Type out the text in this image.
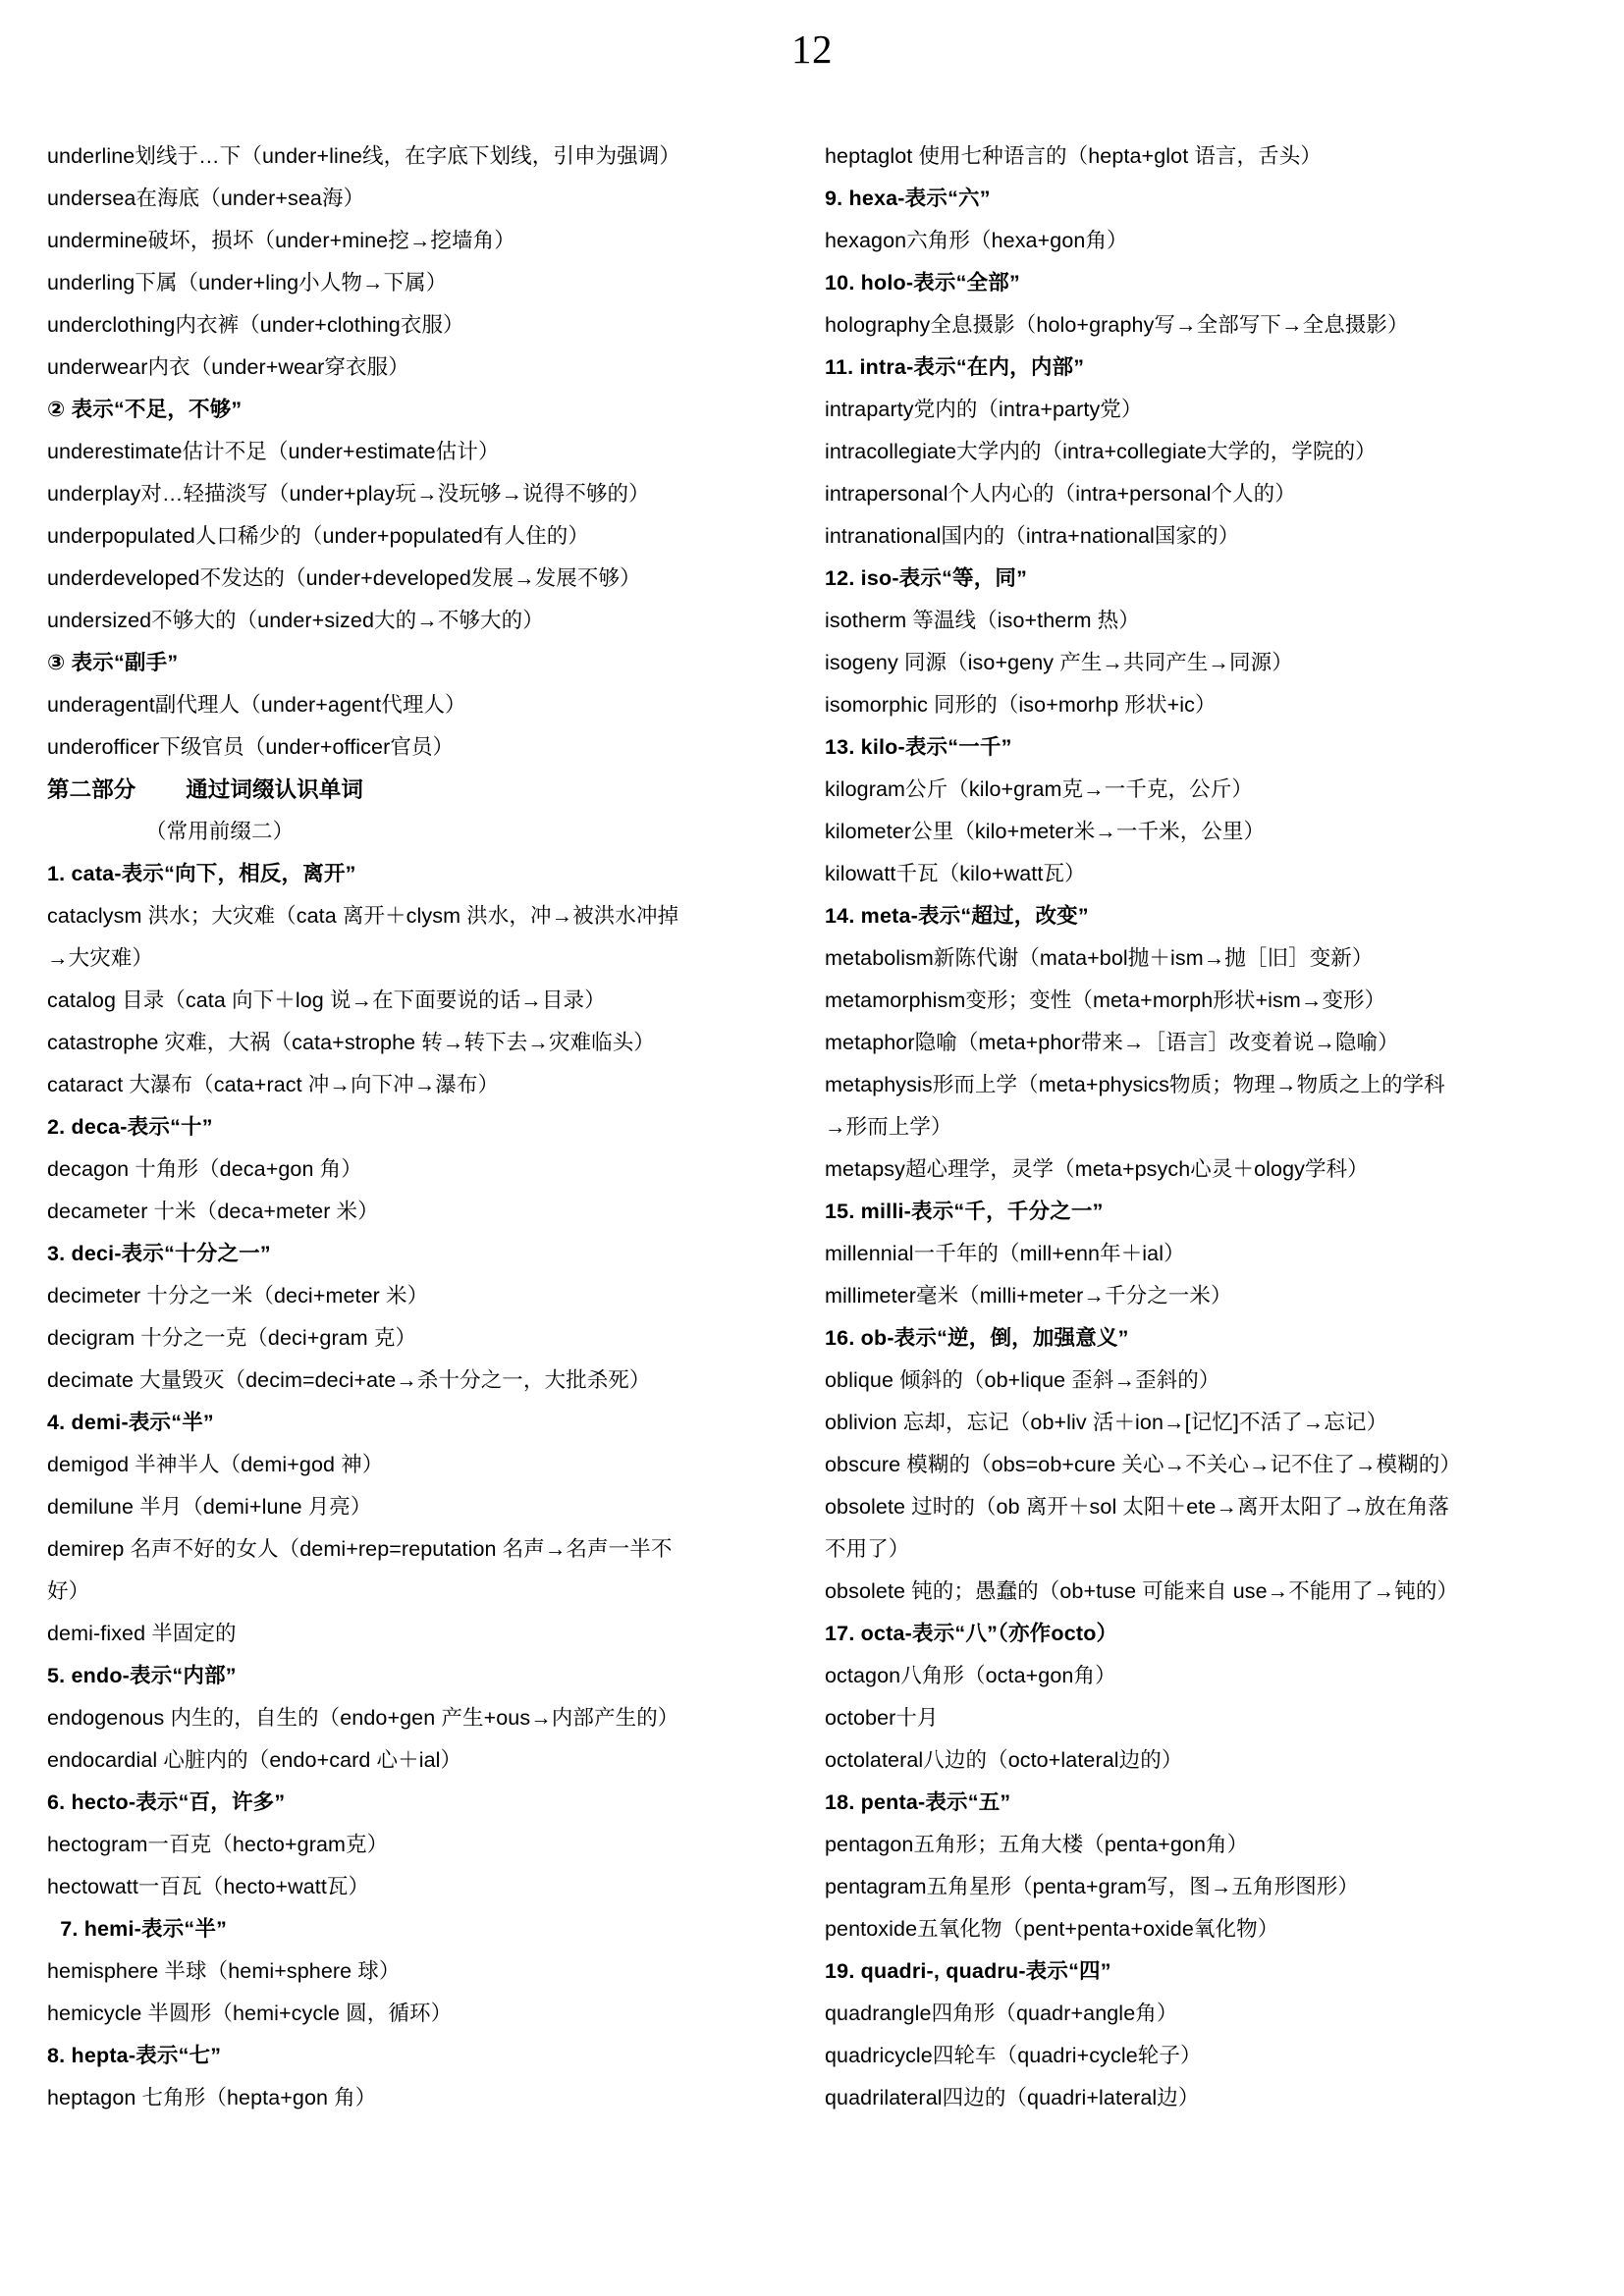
12
underline划线于…下（under+line线，在字底下划线，引申为强调）
undersea在海底（under+sea海）
undermine破坏，损坏（under+mine挖→挖墙角）
underling下属（under+ling小人物→下属）
underclothing内衣裤（under+clothing衣服）
underwear内衣（under+wear穿衣服）
② 表示“不足，不够”
underestimate估计不足（under+estimate估计）
underplay对…轻描淡写（under+play玩→没玩够→说得不够的）
underpopulated人口稀少的（under+populated有人住的）
underdeveloped不发达的（under+developed发展→发展不够）
undersized不够大的（under+sized大的→不够大的）
③ 表示“副手”
underagent副代理人（under+agent代理人）
underofficer下级官员（under+officer官员）
第二部分        通过词缀认识单词
（常用前缀二）
1. cata-表示“向下，相反，离开”
cataclysm 洪水；大灾难（cata 离开＋clysm 洪水，冲→被洪水冲掉
→大灾难）
catalog 目录（cata 向下＋log 说→在下面要说的话→目录）
catastrophe 灾难，大祸（cata+strophe 转→转下去→灾难临头）
cataract 大瀑布（cata+ract 冲→向下冲→瀑布）
2. deca-表示“十”
decagon 十角形（deca+gon 角）
decameter 十米（deca+meter 米）
3. deci-表示“十分之一”
decimeter 十分之一米（deci+meter 米）
decigram 十分之一克（deci+gram 克）
decimate 大量毁灭（decim=deci+ate→杀十分之一，大批杀死）
4. demi-表示“半”
demigod 半神半人（demi+god 神）
demilune 半月（demi+lune 月亮）
demirep 名声不好的女人（demi+rep=reputation 名声→名声一半不
好）
demi-fixed 半固定的
5. endo-表示“内部”
endogenous 内生的，自生的（endo+gen 产生+ous→内部产生的）
endocardial 心脏内的（endo+card 心＋ial）
6. hecto-表示“百，许多”
hectogram一百克（hecto+gram克）
hectowatt一百瓦（hecto+watt瓦）
7. hemi-表示“半”
hemisphere 半球（hemi+sphere 球）
hemicycle 半圆形（hemi+cycle 圆，循环）
8. hepta-表示“七”
heptagon 七角形（hepta+gon 角）
heptaglot 使用七种语言的（hepta+glot 语言，舌头）
9. hexa-表示“六”
hexagon六角形（hexa+gon角）
10. holo-表示“全部”
holography全息摄影（holo+graphy写→全部写下→全息摄影）
11. intra-表示“在内，内部”
intraparty党内的（intra+party党）
intracollegiate大学内的（intra+collegiate大学的，学院的）
intrapersonal个人内心的（intra+personal个人的）
intranational国内的（intra+national国家的）
12. iso-表示“等，同”
isotherm 等温线（iso+therm 热）
isogeny 同源（iso+geny 产生→共同产生→同源）
isomorphic 同形的（iso+morhp 形状+ic）
13. kilo-表示“一千”
kilogram公斤（kilo+gram克→一千克，公斤）
kilometer公里（kilo+meter米→一千米，公里）
kilowatt千瓦（kilo+watt瓦）
14. meta-表示“超过，改变”
metabolism新陈代谢（mata+bol抛＋ism→抛［旧］变新）
metamorphism变形；变性（meta+morph形状+ism→变形）
metaphor隐喻（meta+phor带来→［语言］改变着说→隐喻）
metaphysis形而上学（meta+physics物质；物理→物质之上的学科
→形而上学）
metapsy超心理学，灵学（meta+psych心灵＋ology学科）
15. milli-表示“千，千分之一”
millennial一千年的（mill+enn年＋ial）
millimeter毫米（milli+meter→千分之一米）
16. ob-表示“逆，倒，加强意义”
oblique 倾斜的（ob+lique 歪斜→歪斜的）
oblivion 忘却，忘记（ob+liv 活＋ion→[记忆]不活了→忘记）
obscure 模糊的（obs=ob+cure 关心→不关心→记不住了→模糊的）
obsolete 过时的（ob 离开＋sol 太阳＋ete→离开太阳了→放在角落
不用了）
obsolete 钝的；愚蠢的（ob+tuse 可能来自 use→不能用了→钝的）
17. octa-表示“八”（亦作octo）
octagon八角形（octa+gon角）
october十月
octolateral八边的（octo+lateral边的）
18. penta-表示“五”
pentagon五角形；五角大楼（penta+gon角）
pentagram五角星形（penta+gram写，图→五角形图形）
pentoxide五氧化物（pent+penta+oxide氧化物）
19. quadri-, quadru-表示“四”
quadrangle四角形（quadr+angle角）
quadricycle四轮车（quadri+cycle轮子）
quadrilateral四边的（quadri+lateral边）
